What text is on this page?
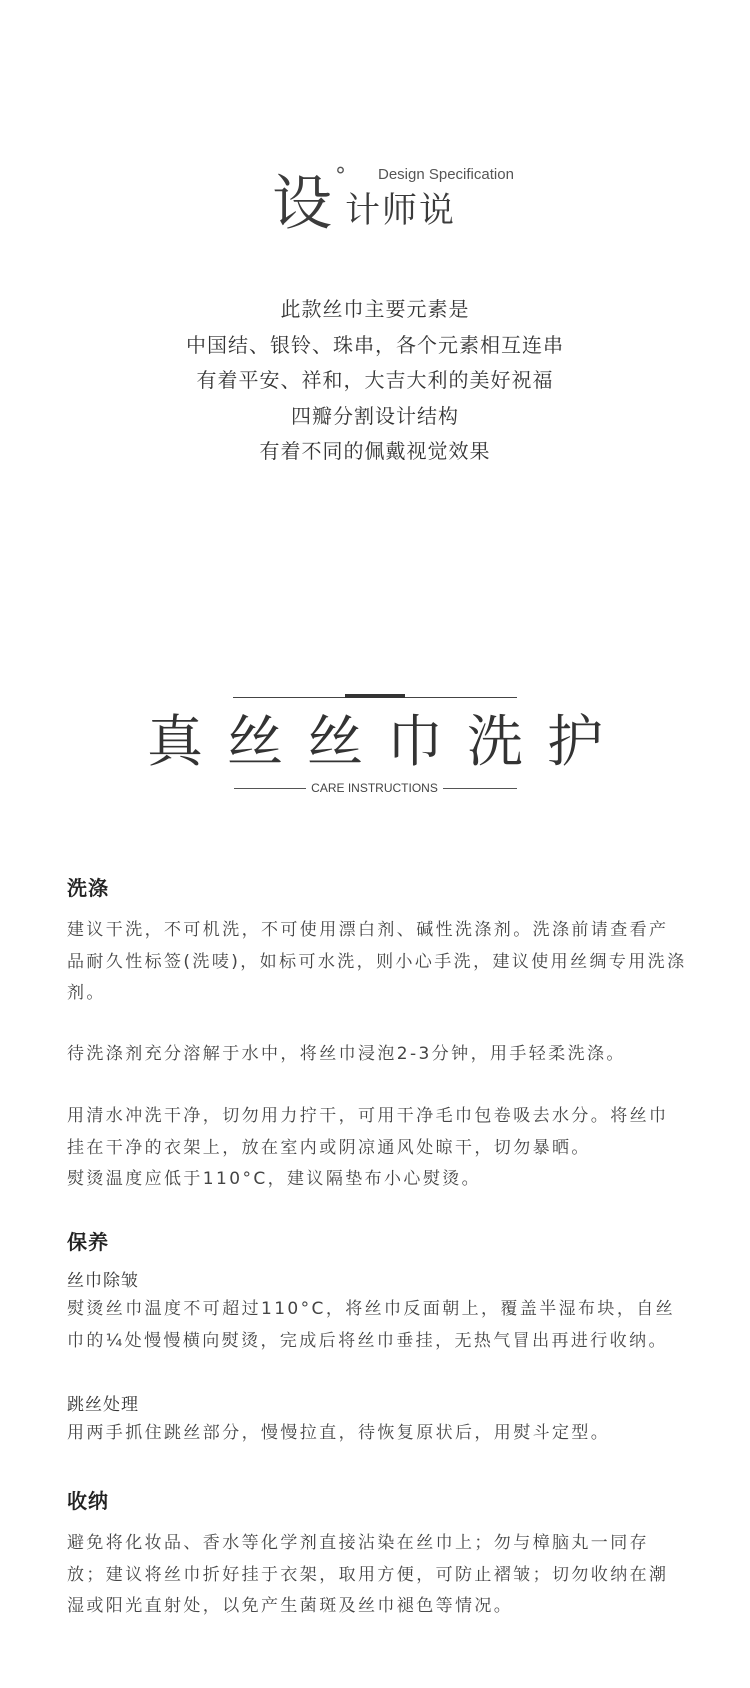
设 °
计师说
Design Specification

此款丝巾主要元素是

中国结、银铃、珠串，各个元素相互连串

有着平安、祥和，大吉大利的美好祝福

四瓣分割设计结构

有着不同的佩戴视觉效果

真丝丝巾洗护
CARE INSTRUCTIONS

洗涤

建议干洗，不可机洗，不可使用漂白剂、碱性洗涤剂。洗涤前请查看产品耐久性标签(洗唛)，如标可水洗，则小心手洗，建议使用丝绸专用洗涤剂。

待洗涤剂充分溶解于水中，将丝巾浸泡2-3分钟，用手轻柔洗涤。

用清水冲洗干净，切勿用力拧干，可用干净毛巾包卷吸去水分。将丝巾挂在干净的衣架上，放在室内或阴凉通风处晾干，切勿暴晒。

熨烫温度应低于110°C，建议隔垫布小心熨烫。

保养

丝巾除皱

熨烫丝巾温度不可超过110°C，将丝巾反面朝上，覆盖半湿布块，自丝巾的¼处慢慢横向熨烫，完成后将丝巾垂挂，无热气冒出再进行收纳。

跳丝处理

用两手抓住跳丝部分，慢慢拉直，待恢复原状后，用熨斗定型。

收纳

避免将化妆品、香水等化学剂直接沾染在丝巾上；勿与樟脑丸一同存放；建议将丝巾折好挂于衣架，取用方便，可防止褶皱；切勿收纳在潮湿或阳光直射处，以免产生菌斑及丝巾褪色等情况。
